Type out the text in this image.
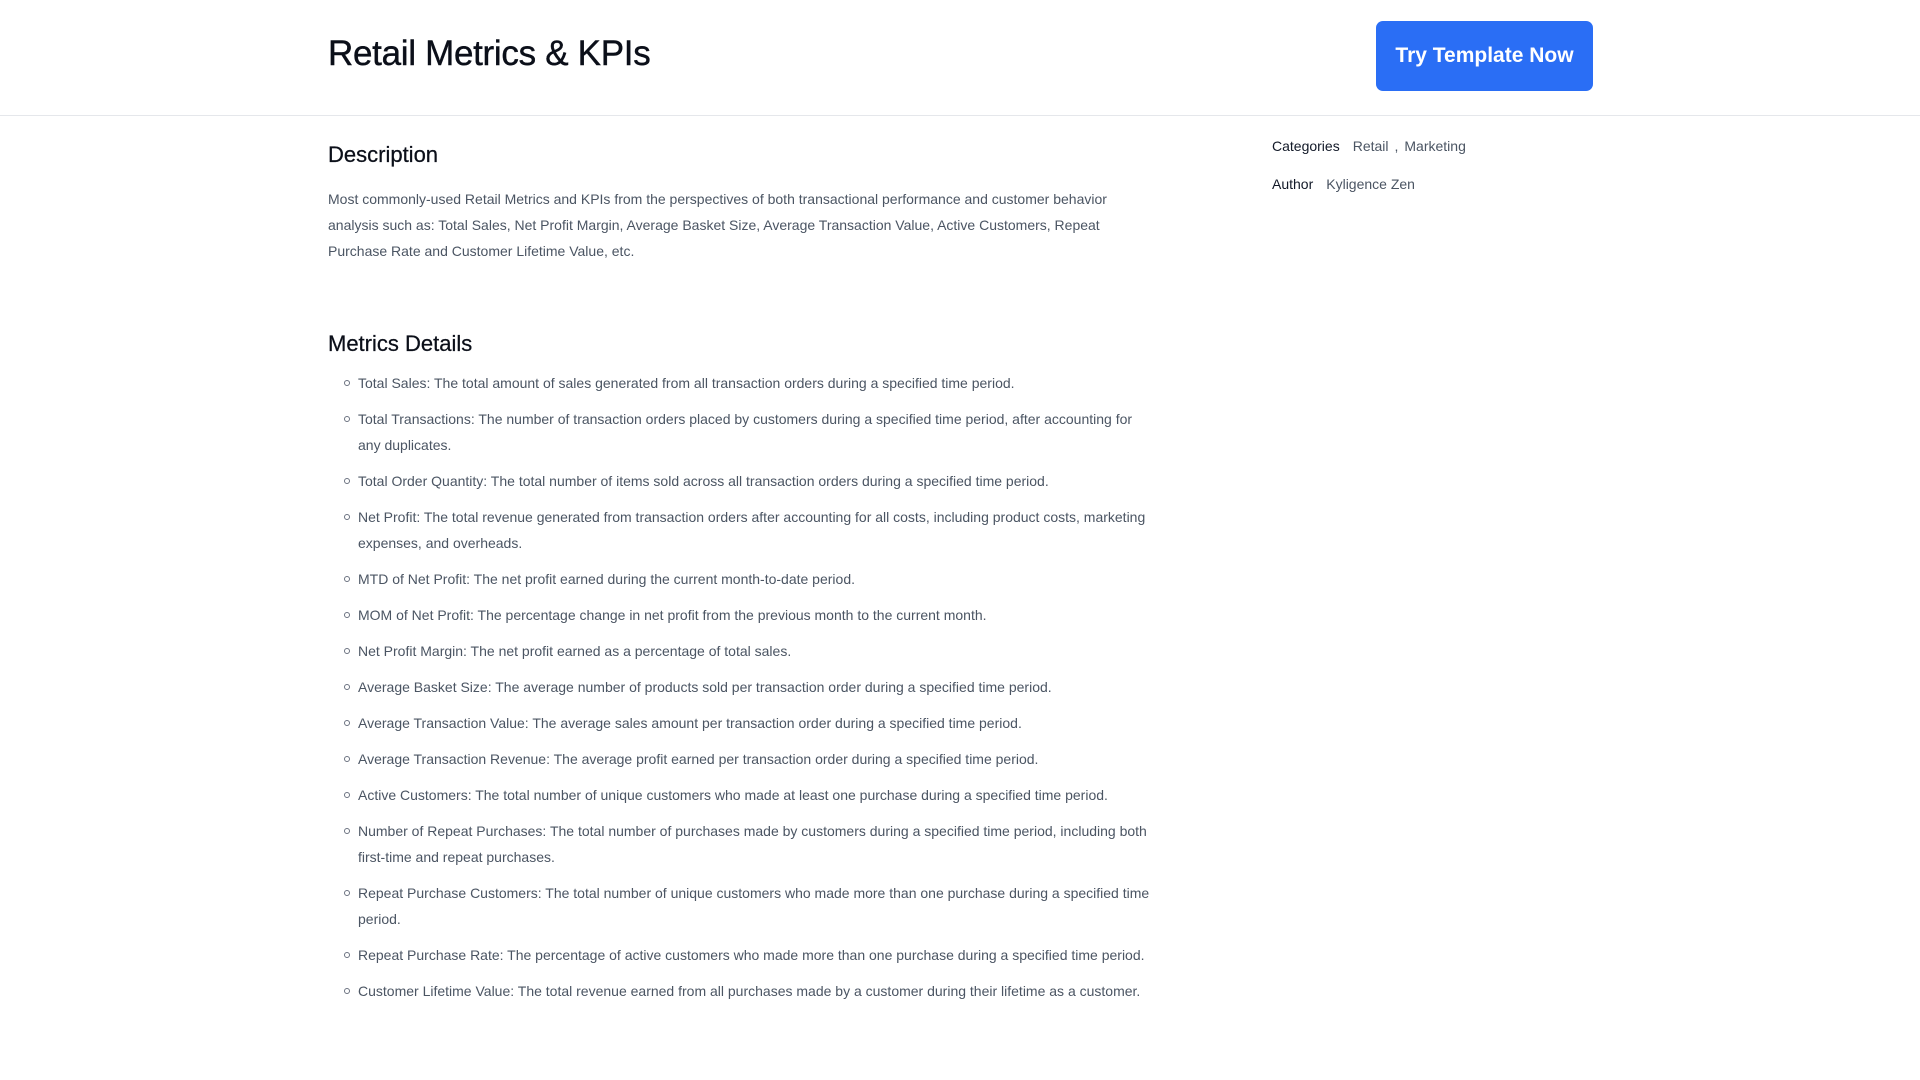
Retail Metrics & KPIs	Try Template Now
Description

Most commonly-used Retail Metrics and KPIs from the perspectives of both transactional performance and customer behavior analysis such as: Total Sales, Net Profit Margin, Average Basket Size, Average Transaction Value, Active Customers, Repeat Purchase Rate and Customer Lifetime Value, etc.

Metrics Details
Total Sales: The total amount of sales generated from all transaction orders during a specified time period.
Total Transactions: The number of transaction orders placed by customers during a specified time period, after accounting for any duplicates.
Total Order Quantity: The total number of items sold across all transaction orders during a specified time period.
Net Profit: The total revenue generated from transaction orders after accounting for all costs, including product costs, marketing expenses, and overheads.
MTD of Net Profit: The net profit earned during the current month-to-date period.
MOM of Net Profit: The percentage change in net profit from the previous month to the current month.
Net Profit Margin: The net profit earned as a percentage of total sales.
Average Basket Size: The average number of products sold per transaction order during a specified time period.
Average Transaction Value: The average sales amount per transaction order during a specified time period.
Average Transaction Revenue: The average profit earned per transaction order during a specified time period.
Active Customers: The total number of unique customers who made at least one purchase during a specified time period.
Number of Repeat Purchases: The total number of purchases made by customers during a specified time period, including both first-time and repeat purchases.
Repeat Purchase Customers: The total number of unique customers who made more than one purchase during a specified time period.
Repeat Purchase Rate: The percentage of active customers who made more than one purchase during a specified time period.
Customer Lifetime Value: The total revenue earned from all purchases made by a customer during their lifetime as a customer.
Categories Retail , Marketing
Author Kyligence Zen
